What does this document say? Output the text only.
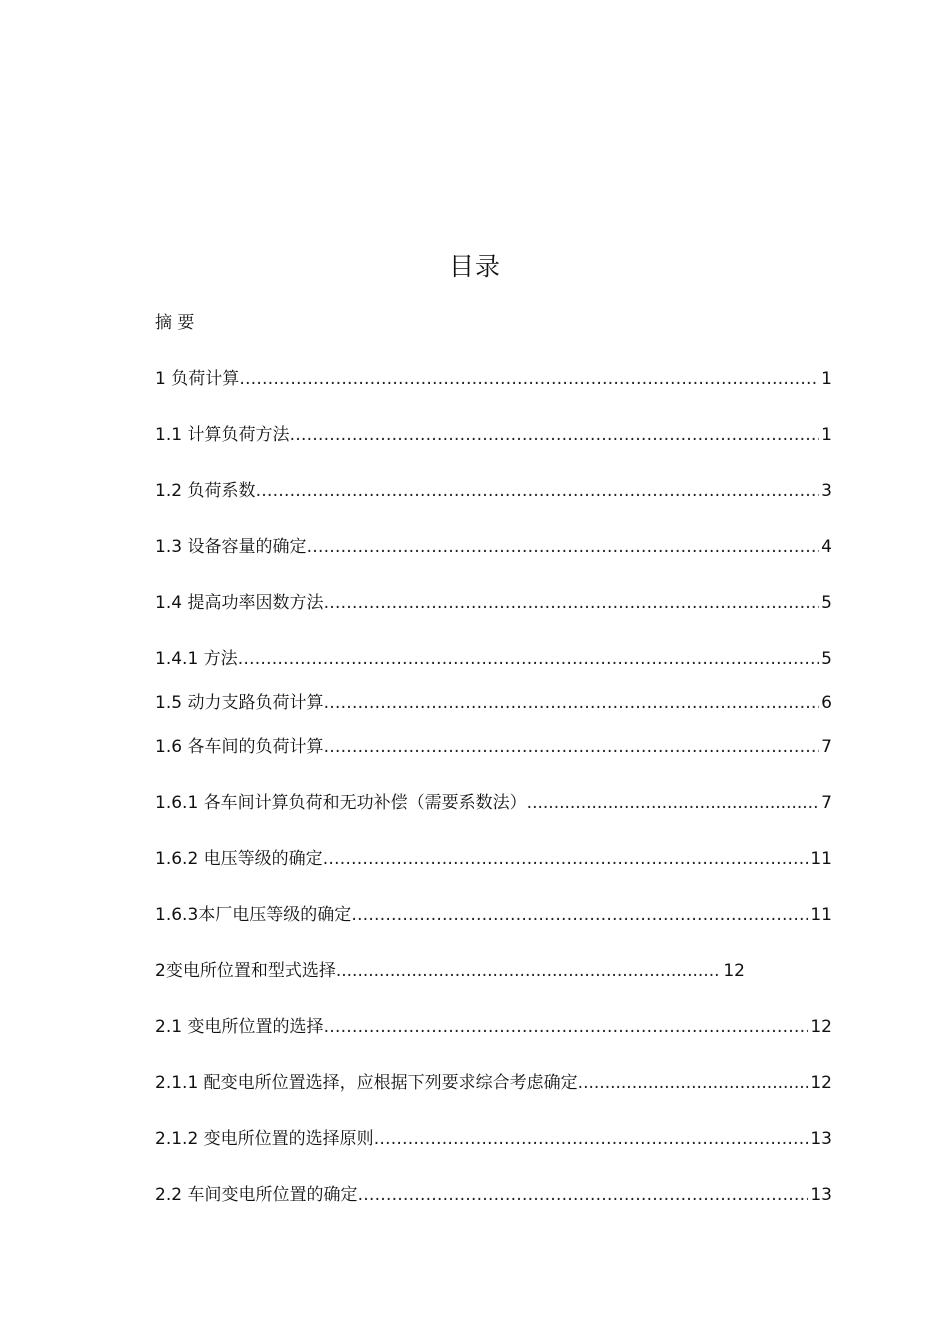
目录
摘 要
1 负荷计算 ……………………………………………………………………………………………………………………………………………………………………	1
1.1 计算负荷方法 ……………………………………………………………………………………………………………………………………………………………………	1
1.2 负荷系数 ……………………………………………………………………………………………………………………………………………………………………	3
1.3 设备容量的确定 ……………………………………………………………………………………………………………………………………………………………………	4
1.4 提高功率因数方法 ……………………………………………………………………………………………………………………………………………………………………	5
1.4.1 方法 ……………………………………………………………………………………………………………………………………………………………………	5
1.5 动力支路负荷计算 ……………………………………………………………………………………………………………………………………………………………………	6
1.6 各车间的负荷计算 ……………………………………………………………………………………………………………………………………………………………………	7
1.6.1 各车间计算负荷和无功补偿（需要系数法） .....	7
1.6.2 电压等级的确定 ……………………………………………………………………………………………………………………………………………………………………	11
1.6.3本厂电压等级的确定 ……………………………………………………………………………………………………………………………………………………………………	11
2变电所位置和型式选择 .....	12
2.1 变电所位置的选择 ……………………………………………………………………………………………………………………………………………………………………	12
2.1.1 配变电所位置选择，应根据下列要求综合考虑确定 .....	12
2.1.2 变电所位置的选择原则 ……………………………………………………………………………………………………………………………………………………………………	13
2.2 车间变电所位置的确定 ……………………………………………………………………………………………………………………………………………………………………	13
